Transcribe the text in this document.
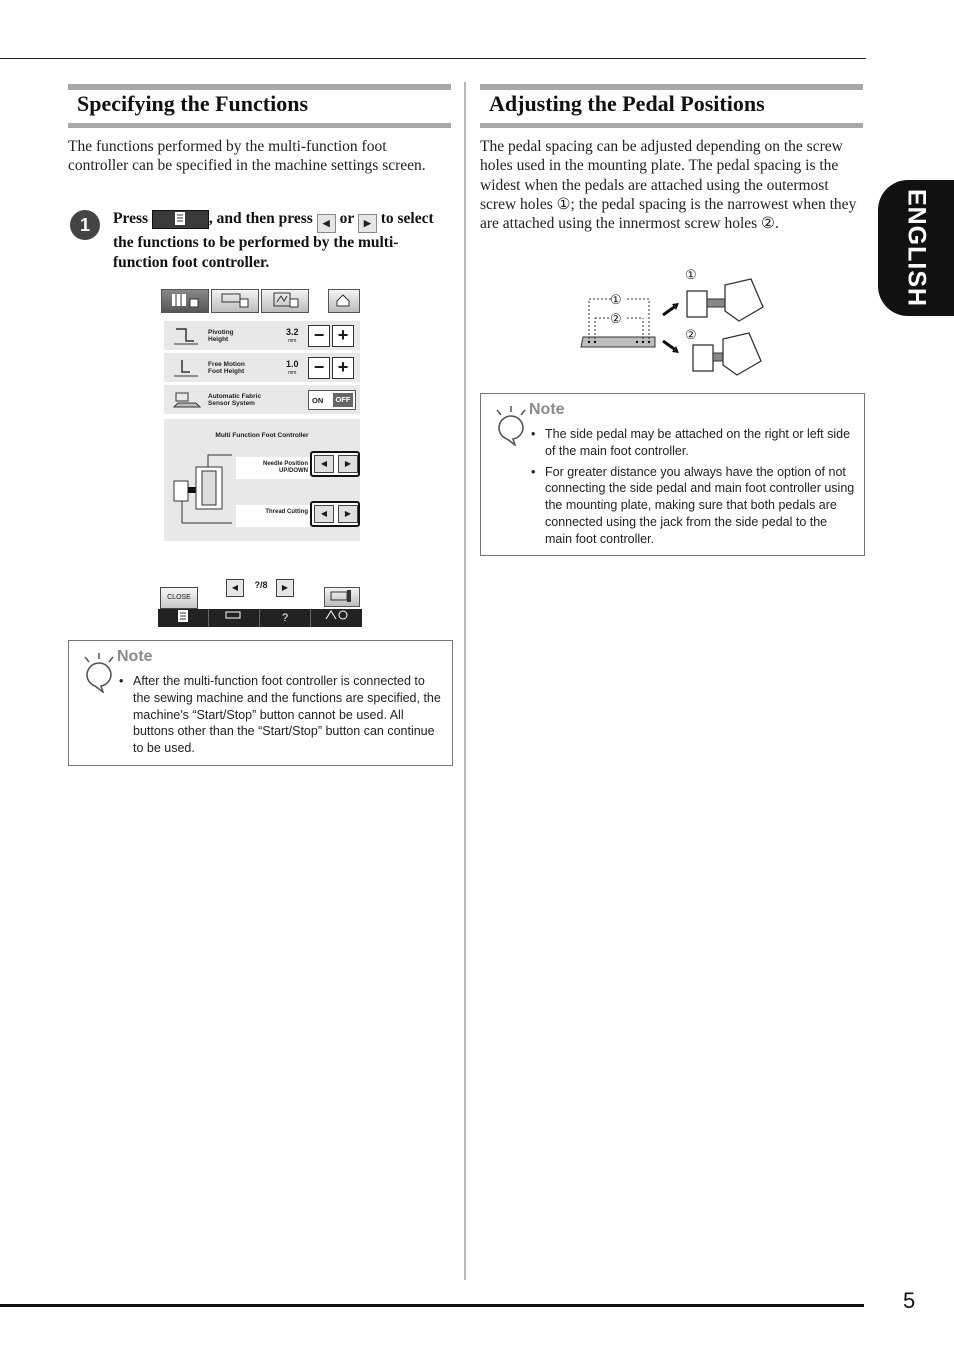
5
ENGLISH
Specifying the Functions

The functions performed by the multi-function foot controller can be specified in the machine settings screen.

1	Press	, and then press ◀ or ▶ to select the functions to be performed by the multi-function foot controller.

Pivoting
Height
3.2
mm − +
Free Motion
Foot Height
1.0
mm − +
Automatic Fabric
Sensor System	ON	OFF
Multi Function Foot Controller
Needle Position
UP/DOWN
◀	▶
Thread Cutting	◀	▶
CLOSE
◀	?/8	▶
?
Note
• After the multi-function foot controller is connected to the sewing machine and the functions are specified, the machine's “Start/Stop” button cannot be used. All buttons other than the “Start/Stop” button can continue to be used.
Adjusting the Pedal Positions

The pedal spacing can be adjusted depending on the screw holes used in the mounting plate. The pedal spacing is the widest when the pedals are attached using the outermost screw holes ①; the pedal spacing is the narrowest when they are attached using the innermost screw holes ②.

①
②
①
②
Note
• The side pedal may be attached on the right or left side of the main foot controller.
• For greater distance you always have the option of not connecting the side pedal and main foot controller using the mounting plate, making sure that both pedals are connected using the jack from the side pedal to the main foot controller.
